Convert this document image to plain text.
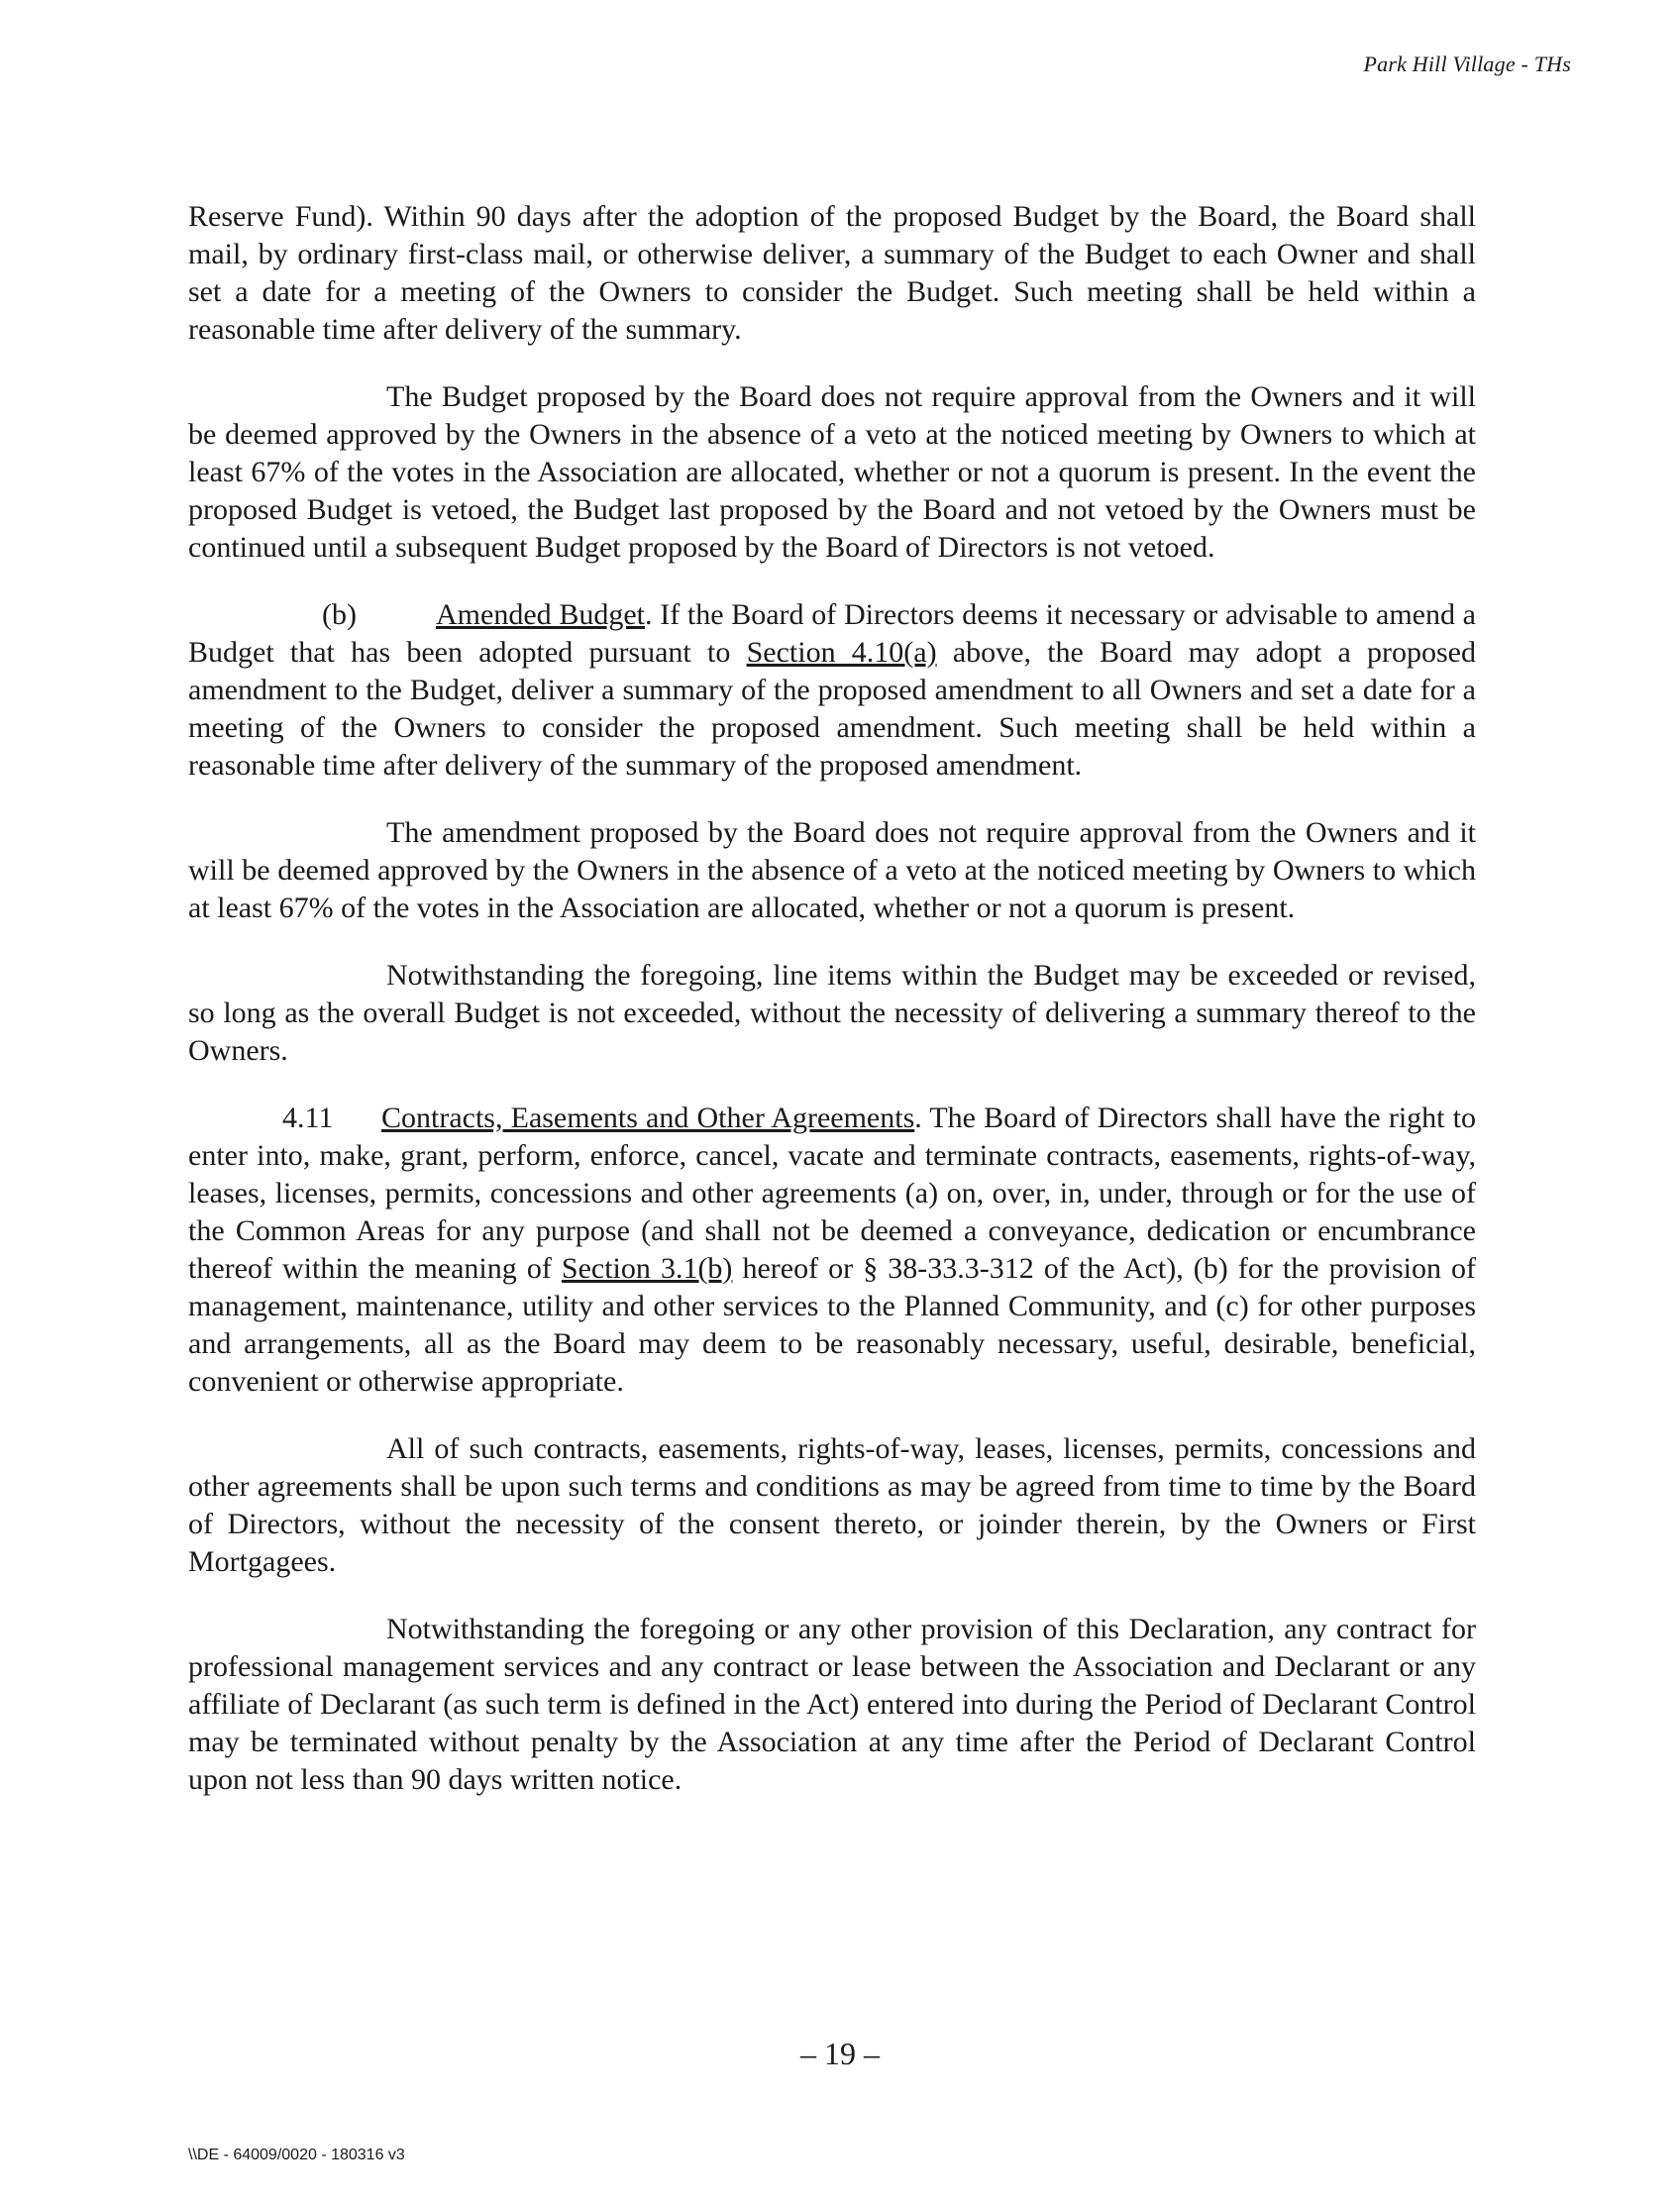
Park Hill Village - THs

Reserve Fund). Within 90 days after the adoption of the proposed Budget by the Board, the Board shall mail, by ordinary first-class mail, or otherwise deliver, a summary of the Budget to each Owner and shall set a date for a meeting of the Owners to consider the Budget. Such meeting shall be held within a reasonable time after delivery of the summary.

The Budget proposed by the Board does not require approval from the Owners and it will be deemed approved by the Owners in the absence of a veto at the noticed meeting by Owners to which at least 67% of the votes in the Association are allocated, whether or not a quorum is present. In the event the proposed Budget is vetoed, the Budget last proposed by the Board and not vetoed by the Owners must be continued until a subsequent Budget proposed by the Board of Directors is not vetoed.

(b)	Amended Budget. If the Board of Directors deems it necessary or advisable to amend a Budget that has been adopted pursuant to Section 4.10(a) above, the Board may adopt a proposed amendment to the Budget, deliver a summary of the proposed amendment to all Owners and set a date for a meeting of the Owners to consider the proposed amendment. Such meeting shall be held within a reasonable time after delivery of the summary of the proposed amendment.

The amendment proposed by the Board does not require approval from the Owners and it will be deemed approved by the Owners in the absence of a veto at the noticed meeting by Owners to which at least 67% of the votes in the Association are allocated, whether or not a quorum is present.

Notwithstanding the foregoing, line items within the Budget may be exceeded or revised, so long as the overall Budget is not exceeded, without the necessity of delivering a summary thereof to the Owners.

4.11 Contracts, Easements and Other Agreements. The Board of Directors shall have the right to enter into, make, grant, perform, enforce, cancel, vacate and terminate contracts, easements, rights-of-way, leases, licenses, permits, concessions and other agreements (a) on, over, in, under, through or for the use of the Common Areas for any purpose (and shall not be deemed a conveyance, dedication or encumbrance thereof within the meaning of Section 3.1(b) hereof or § 38-33.3-312 of the Act), (b) for the provision of management, maintenance, utility and other services to the Planned Community, and (c) for other purposes and arrangements, all as the Board may deem to be reasonably necessary, useful, desirable, beneficial, convenient or otherwise appropriate.

All of such contracts, easements, rights-of-way, leases, licenses, permits, concessions and other agreements shall be upon such terms and conditions as may be agreed from time to time by the Board of Directors, without the necessity of the consent thereto, or joinder therein, by the Owners or First Mortgagees.

Notwithstanding the foregoing or any other provision of this Declaration, any contract for professional management services and any contract or lease between the Association and Declarant or any affiliate of Declarant (as such term is defined in the Act) entered into during the Period of Declarant Control may be terminated without penalty by the Association at any time after the Period of Declarant Control upon not less than 90 days written notice.

– 19 –
\\DE - 64009/0020 - 180316 v3
